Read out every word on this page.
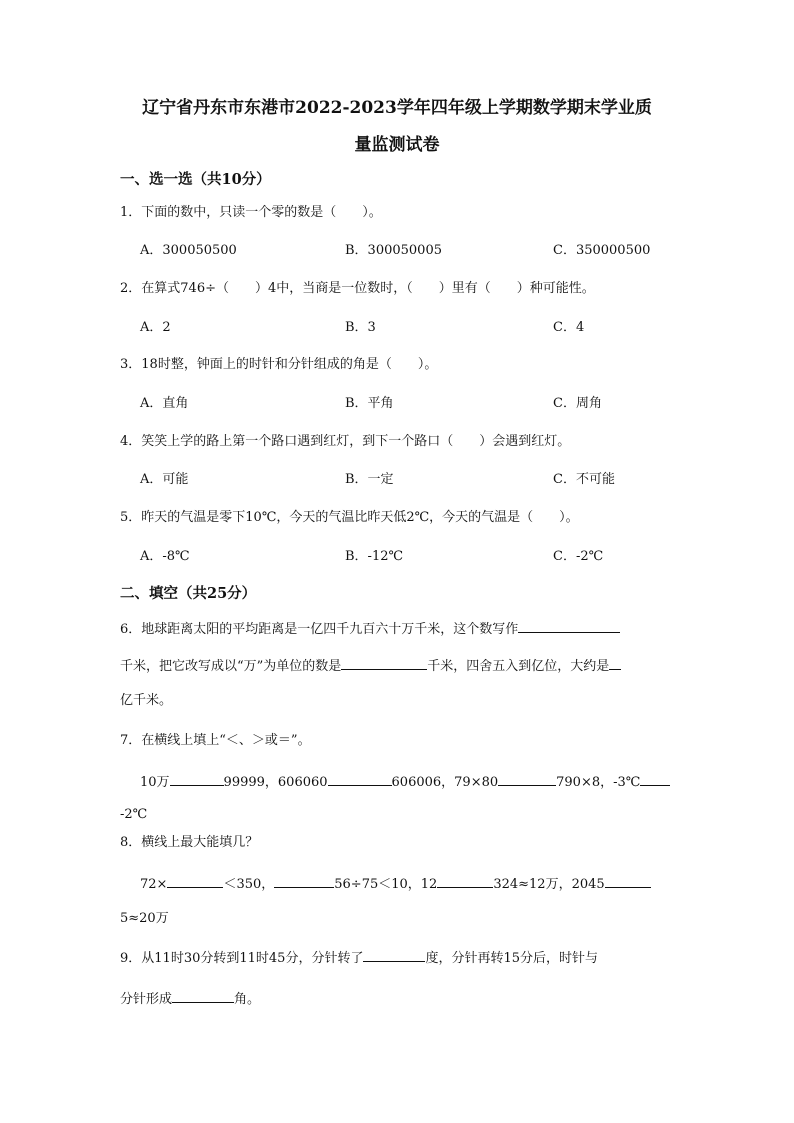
辽宁省丹东市东港市2022-2023学年四年级上学期数学期末学业质
量监测试卷
一、选一选（共10分）
1．下面的数中，只读一个零的数是（　　）。
A．300050500	B．300050005	C．350000500
2．在算式746÷（　　）4中，当商是一位数时，（　　）里有（　　）种可能性。
A．2	B．3	C．4
3．18时整，钟面上的时针和分针组成的角是（　　）。
A．直角	B．平角	C．周角
4．笑笑上学的路上第一个路口遇到红灯，到下一个路口（　　）会遇到红灯。
A．可能	B．一定	C．不可能
5．昨天的气温是零下10℃，今天的气温比昨天低2℃，今天的气温是（　　）。
A．-8℃	B．-12℃	C．-2℃
二、填空（共25分）
6．地球距离太阳的平均距离是一亿四千九百六十万千米，这个数写作
千米，把它改写成以“万”为单位的数是	千米，四舍五入到亿位，大约是
亿千米。
7．在横线上填上“＜、＞或＝”。
10万	99999，606060	606006，79×80	790×8，-3℃
-2℃
8．横线上最大能填几？
72×	＜350，	56÷75＜10，12	324≈12万，2045
5≈20万
9．从11时30分转到11时45分，分针转了	度，分针再转15分后，时针与
分针形成	角。
